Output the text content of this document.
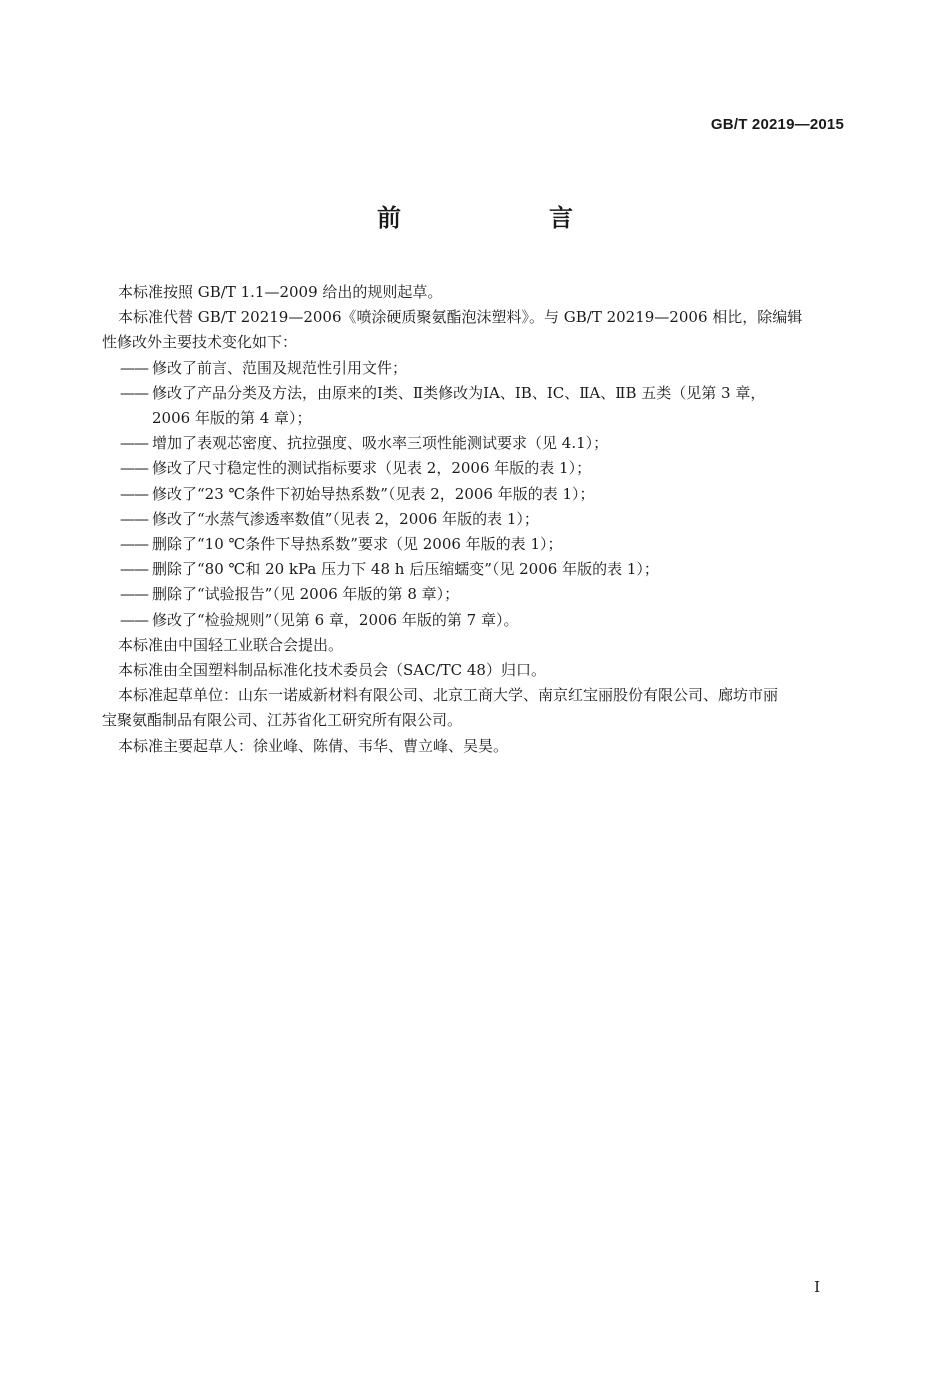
GB/T 20219—2015
前　言

本标准按照 GB/T 1.1—2009 给出的规则起草。

本标准代替 GB/T 20219—2006《喷涂硬质聚氨酯泡沫塑料》。与 GB/T 20219—2006 相比，除编辑

性修改外主要技术变化如下：

—— 修改了前言、范围及规范性引用文件；
—— 修改了产品分类及方法，由原来的Ⅰ类、Ⅱ类修改为ⅠA、ⅠB、ⅠC、ⅡA、ⅡB 五类（见第 3 章，
2006 年版的第 4 章）；
—— 增加了表观芯密度、抗拉强度、吸水率三项性能测试要求（见 4.1）；
—— 修改了尺寸稳定性的测试指标要求（见表 2，2006 年版的表 1）；
—— 修改了“23 ℃条件下初始导热系数”（见表 2，2006 年版的表 1）；
—— 修改了“水蒸气渗透率数值”（见表 2，2006 年版的表 1）；
—— 删除了“10 ℃条件下导热系数”要求（见 2006 年版的表 1）；
—— 删除了“80 ℃和 20 kPa 压力下 48 h 后压缩蠕变”（见 2006 年版的表 1）；
—— 删除了“试验报告”（见 2006 年版的第 8 章）；
—— 修改了“检验规则”（见第 6 章，2006 年版的第 7 章）。

本标准由中国轻工业联合会提出。

本标准由全国塑料制品标准化技术委员会（SAC/TC 48）归口。

本标准起草单位：山东一诺威新材料有限公司、北京工商大学、南京红宝丽股份有限公司、廊坊市丽

宝聚氨酯制品有限公司、江苏省化工研究所有限公司。

本标准主要起草人：徐业峰、陈倩、韦华、曹立峰、吴昊。

I
